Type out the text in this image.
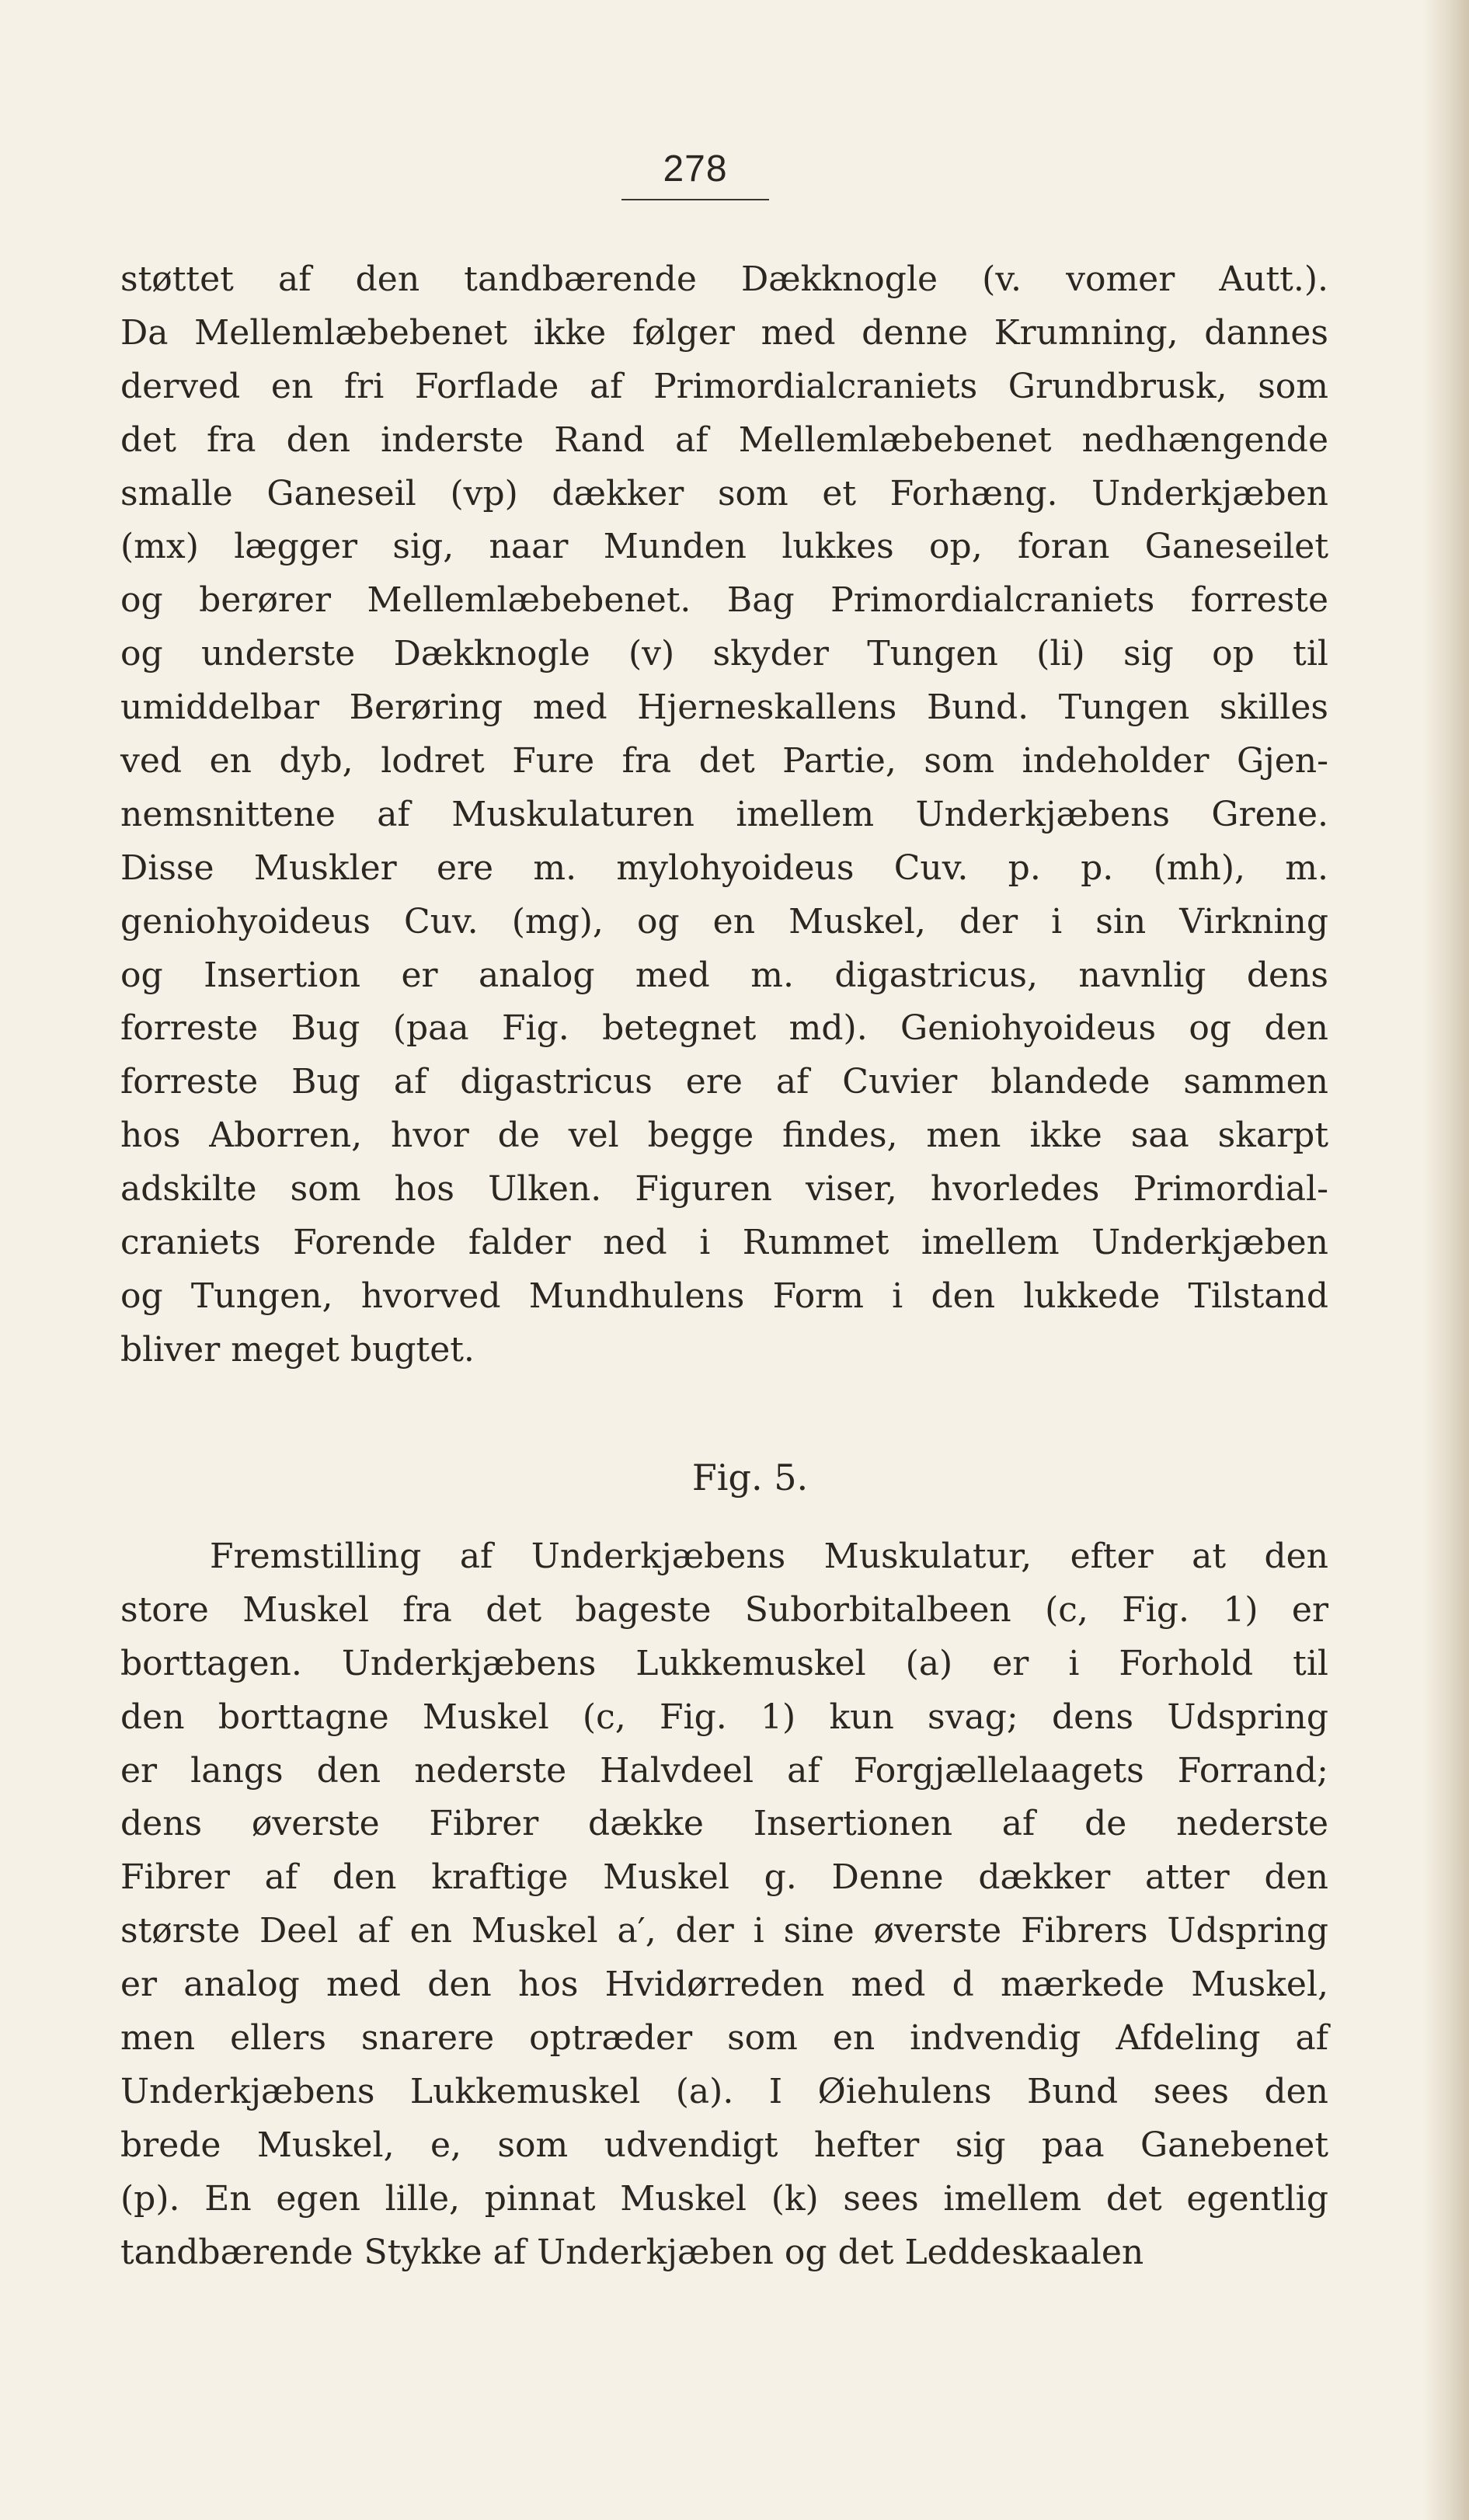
278
støttet af den tandbærende Dækknogle (v. vomer Autt.).
Da Mellemlæbebenet ikke følger med denne Krumning, dannes
derved en fri Forflade af Primordialcraniets Grundbrusk, som
det fra den inderste Rand af Mellemlæbebenet nedhængende
smalle Ganeseil (vp) dækker som et Forhæng. Underkjæben
(mx) lægger sig, naar Munden lukkes op, foran Ganeseilet
og berører Mellemlæbebenet. Bag Primordialcraniets forreste
og underste Dækknogle (v) skyder Tungen (li) sig op til
umiddelbar Berøring med Hjerneskallens Bund. Tungen skilles
ved en dyb, lodret Fure fra det Partie, som indeholder Gjen-
nemsnittene af Muskulaturen imellem Underkjæbens Grene.
Disse Muskler ere m. mylohyoideus Cuv. p. p. (mh), m.
geniohyoideus Cuv. (mg), og en Muskel, der i sin Virkning
og Insertion er analog med m. digastricus, navnlig dens
forreste Bug (paa Fig. betegnet md). Geniohyoideus og den
forreste Bug af digastricus ere af Cuvier blandede sammen
hos Aborren, hvor de vel begge findes, men ikke saa skarpt
adskilte som hos Ulken. Figuren viser, hvorledes Primordial-
craniets Forende falder ned i Rummet imellem Underkjæben
og Tungen, hvorved Mundhulens Form i den lukkede Tilstand
bliver meget bugtet.
Fig. 5.
Fremstilling af Underkjæbens Muskulatur, efter at den
store Muskel fra det bageste Suborbitalbeen (c, Fig. 1) er
borttagen. Underkjæbens Lukkemuskel (a) er i Forhold til
den borttagne Muskel (c, Fig. 1) kun svag; dens Udspring
er langs den nederste Halvdeel af Forgjællelaagets Forrand;
dens øverste Fibrer dække Insertionen af de nederste
Fibrer af den kraftige Muskel g. Denne dækker atter den
største Deel af en Muskel a′, der i sine øverste Fibrers Udspring
er analog med den hos Hvidørreden med d mærkede Muskel,
men ellers snarere optræder som en indvendig Afdeling af
Underkjæbens Lukkemuskel (a). I Øiehulens Bund sees den
brede Muskel, e, som udvendigt hefter sig paa Ganebenet
(p). En egen lille, pinnat Muskel (k) sees imellem det egentlig
tandbærende Stykke af Underkjæben og det Leddeskaalen
